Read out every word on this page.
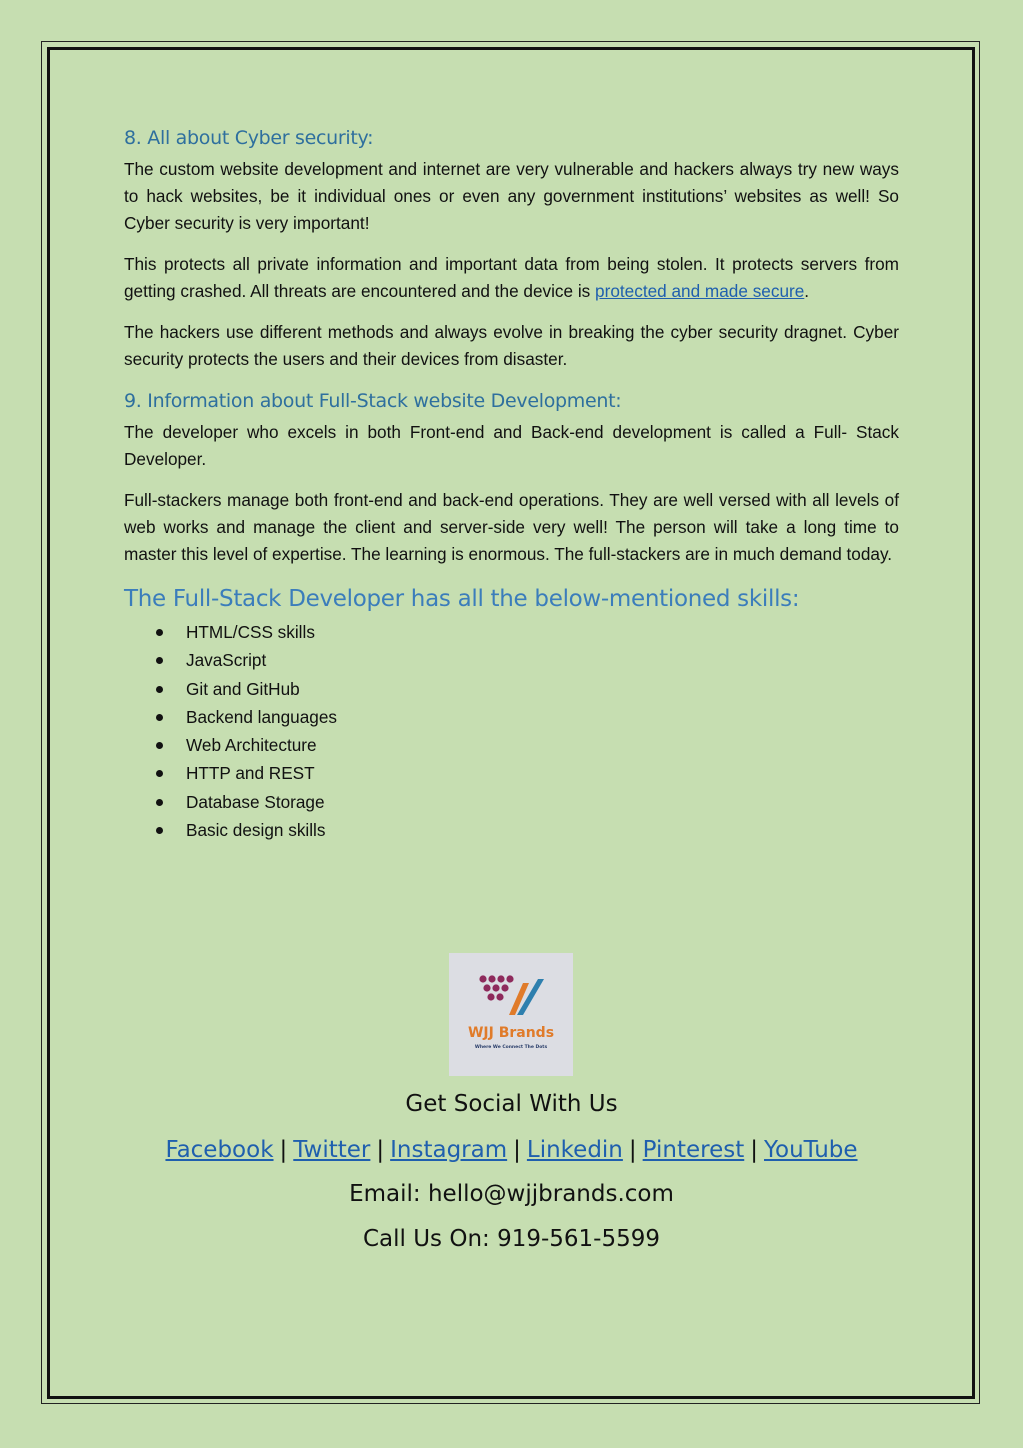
8. All about Cyber security:

The custom website development and internet are very vulnerable and hackers always try new ways to hack websites, be it individual ones or even any government institutions’ websites as well! So Cyber security is very important!

This protects all private information and important data from being stolen. It protects servers from getting crashed. All threats are encountered and the device is protected and made secure.

The hackers use different methods and always evolve in breaking the cyber security dragnet. Cyber security protects the users and their devices from disaster.

9. Information about Full-Stack website Development:

The developer who excels in both Front-end and Back-end development is called a Full- Stack Developer.

Full-stackers manage both front-end and back-end operations. They are well versed with all levels of web works and manage the client and server-side very well! The person will take a long time to master this level of expertise. The learning is enormous. The full-stackers are in much demand today.

The Full-Stack Developer has all the below-mentioned skills:
HTML/CSS skills
JavaScript
Git and GitHub
Backend languages
Web Architecture
HTTP and REST
Database Storage
Basic design skills
WJJ Brands
Where We Connect The Dots
Get Social With Us
Facebook | Twitter | Instagram | Linkedin | Pinterest | YouTube
Email: hello@wjjbrands.com
Call Us On: 919-561-5599
